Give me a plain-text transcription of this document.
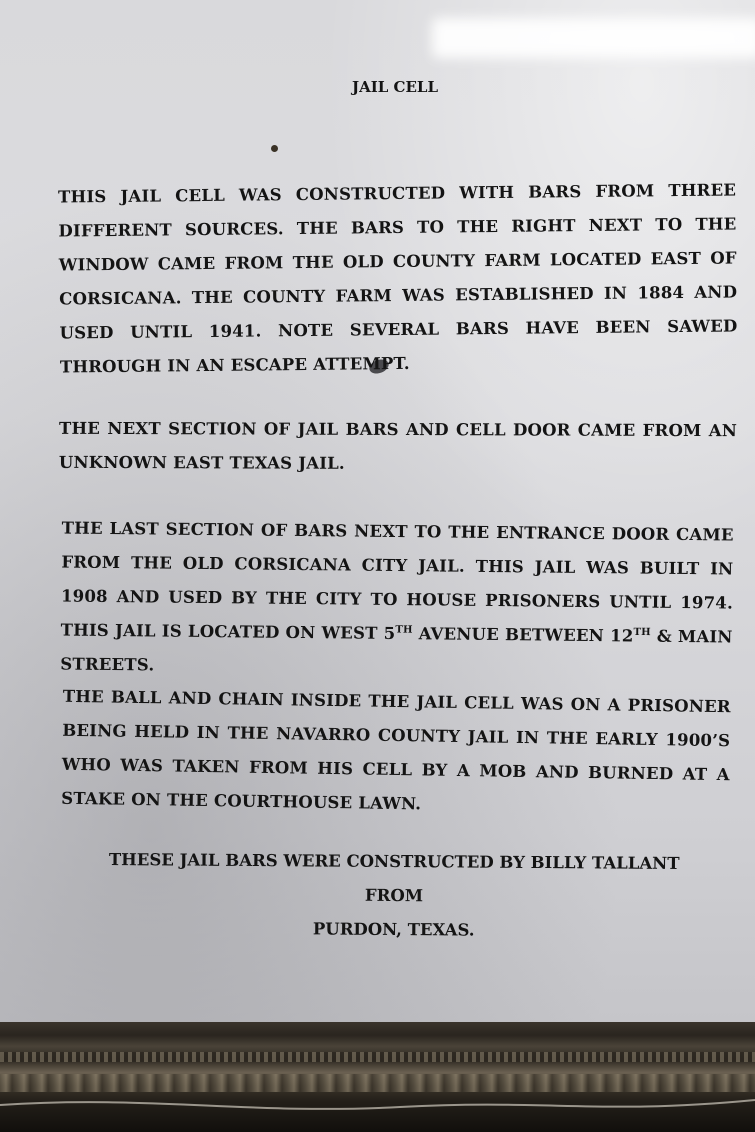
JAIL CELL
THIS JAIL CELL WAS CONSTRUCTED WITH BARS FROM THREE DIFFERENT SOURCES. THE BARS TO THE RIGHT NEXT TO THE WINDOW CAME FROM THE OLD COUNTY FARM LOCATED EAST OF CORSICANA. THE COUNTY FARM WAS ESTABLISHED IN 1884 AND USED UNTIL 1941. NOTE SEVERAL BARS HAVE BEEN SAWED THROUGH IN AN ESCAPE ATTEMPT.
THE NEXT SECTION OF JAIL BARS AND CELL DOOR CAME FROM AN UNKNOWN EAST TEXAS JAIL.
THE LAST SECTION OF BARS NEXT TO THE ENTRANCE DOOR CAME FROM THE OLD CORSICANA CITY JAIL. THIS JAIL WAS BUILT IN 1908 AND USED BY THE CITY TO HOUSE PRISONERS UNTIL 1974. THIS JAIL IS LOCATED ON WEST 5TH AVENUE BETWEEN 12TH & MAIN STREETS.
THE BALL AND CHAIN INSIDE THE JAIL CELL WAS ON A PRISONER BEING HELD IN THE NAVARRO COUNTY JAIL IN THE EARLY 1900’S WHO WAS TAKEN FROM HIS CELL BY A MOB AND BURNED AT A STAKE ON THE COURTHOUSE LAWN.
THESE JAIL BARS WERE CONSTRUCTED BY BILLY TALLANT FROM
PURDON, TEXAS.
